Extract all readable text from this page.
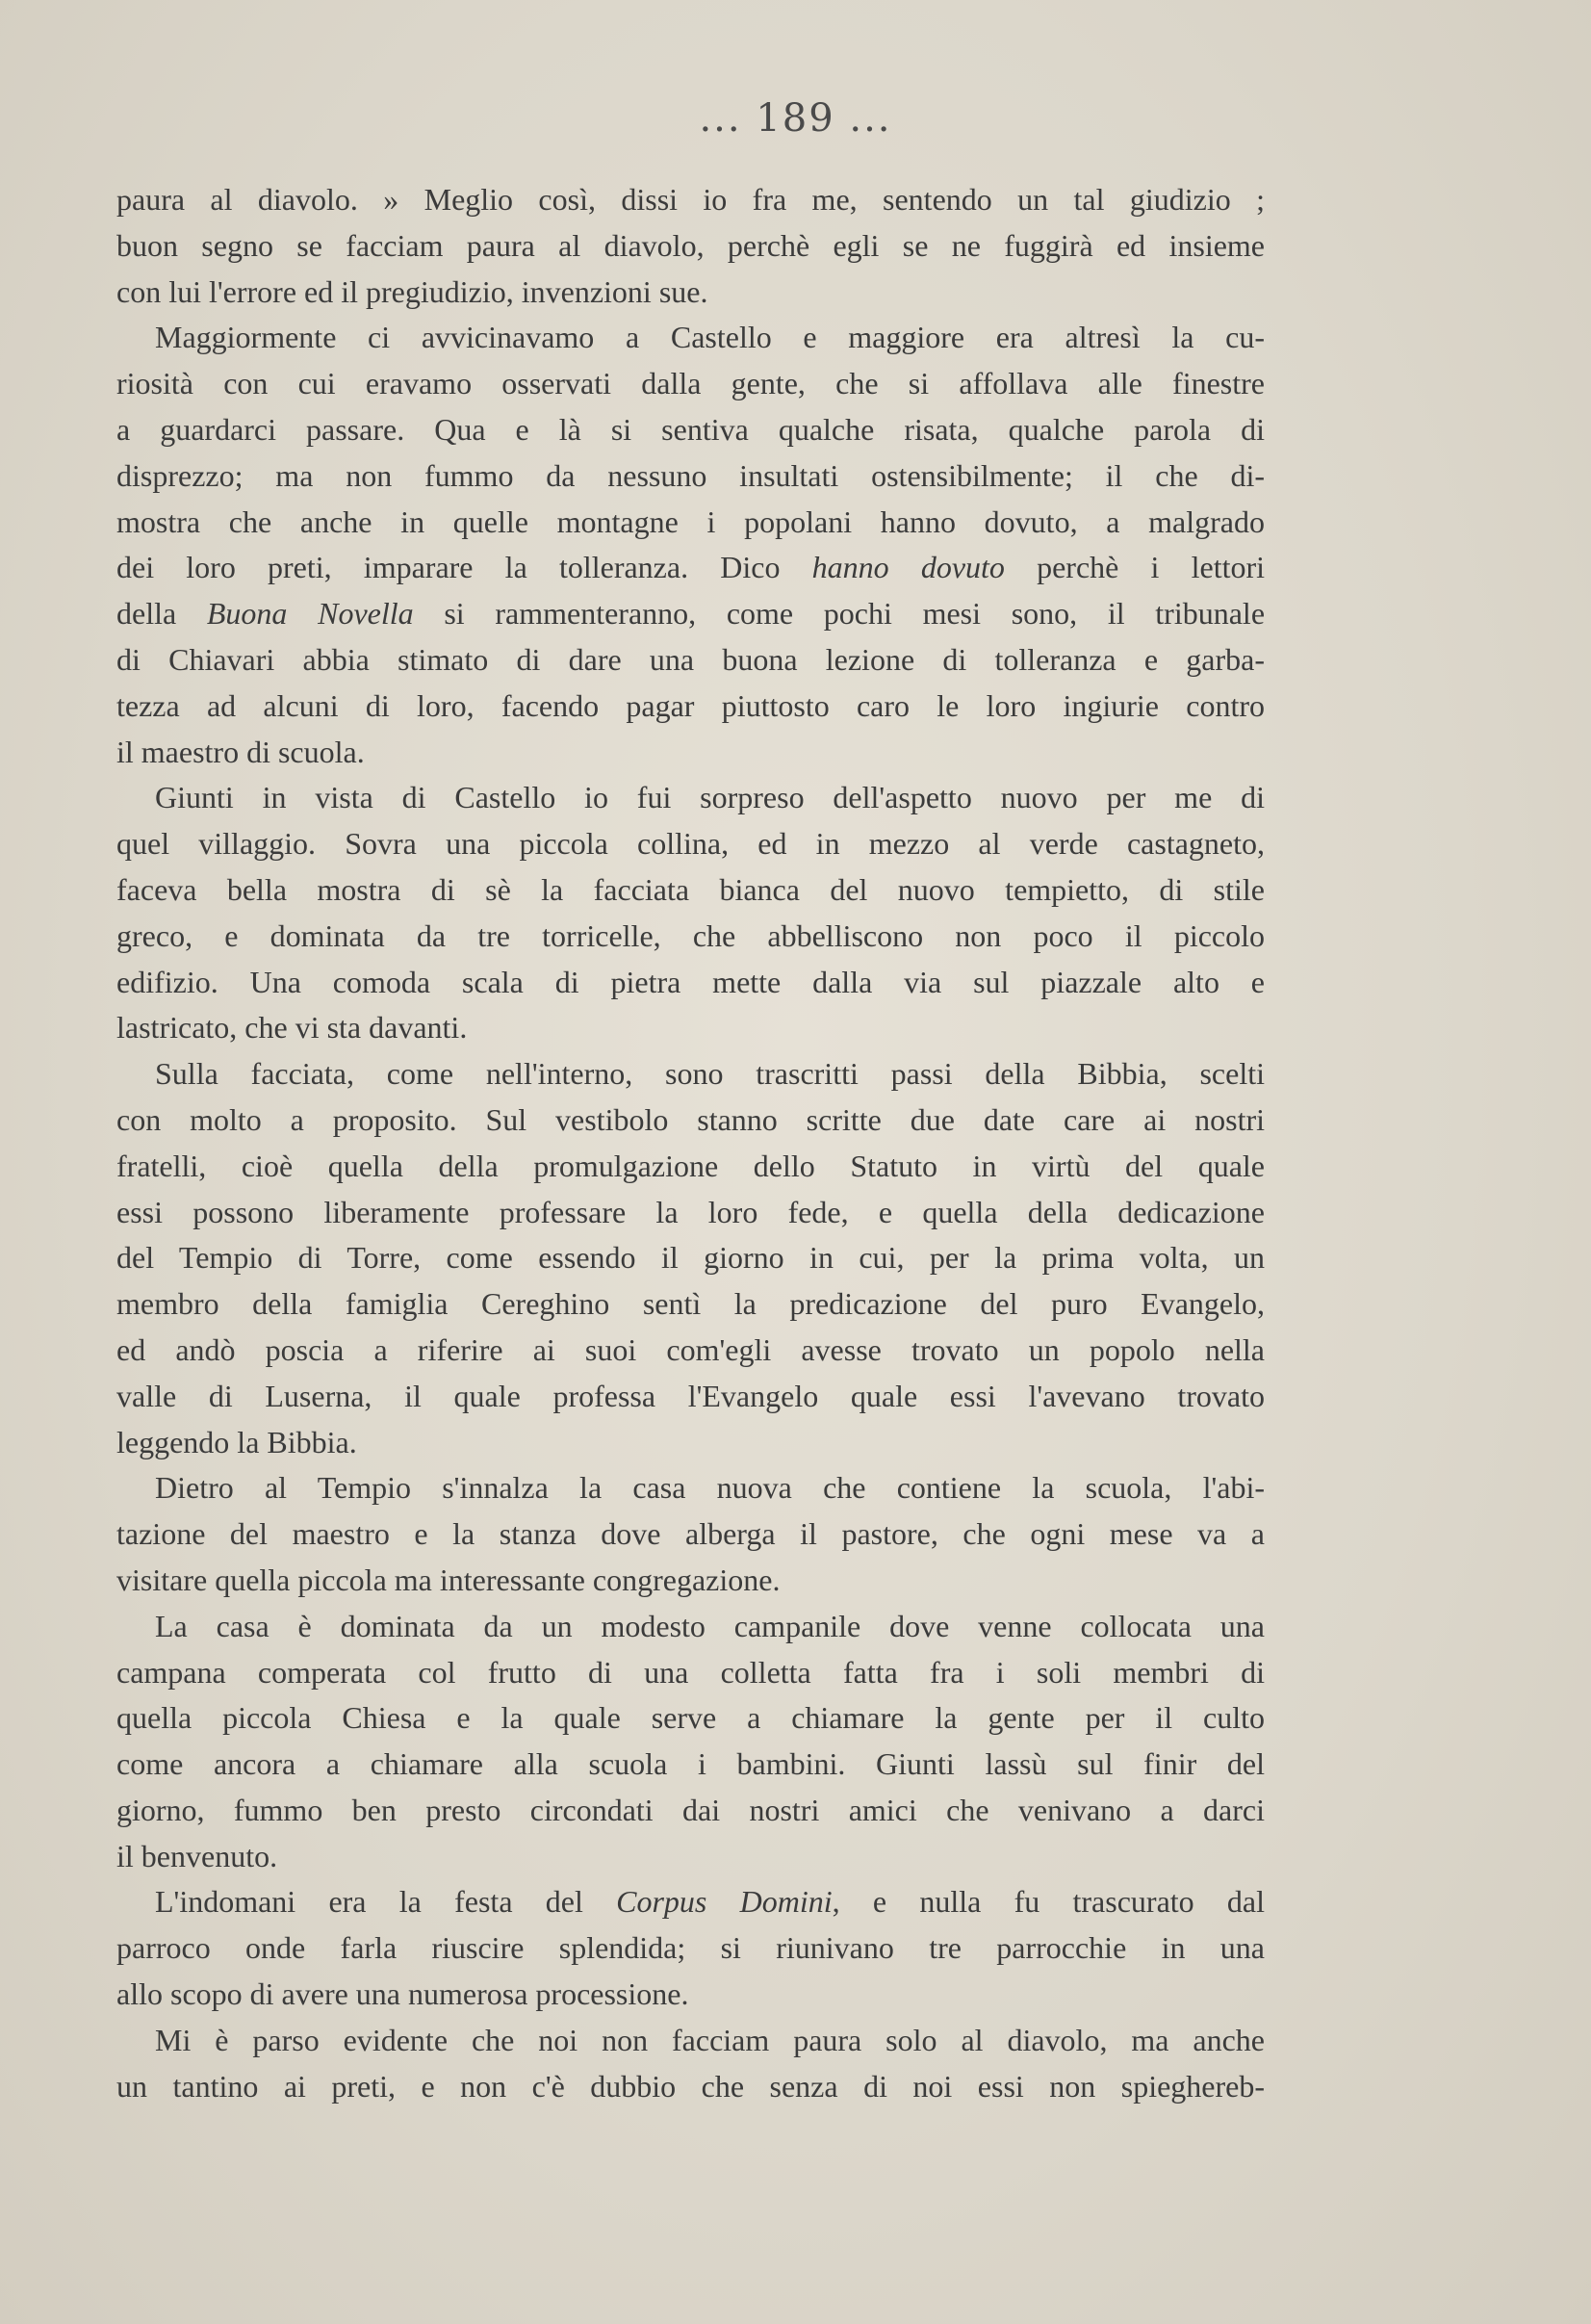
... 189 ...
paura al diavolo. » Meglio così, dissi io fra me, sentendo un tal giudizio ;
buon segno se facciam paura al diavolo, perchè egli se ne fuggirà ed insieme
con lui l'errore ed il pregiudizio, invenzioni sue.
Maggiormente ci avvicinavamo a Castello e maggiore era altresì la cu-
riosità con cui eravamo osservati dalla gente, che si affollava alle finestre
a guardarci passare. Qua e là si sentiva qualche risata, qualche parola di
disprezzo; ma non fummo da nessuno insultati ostensibilmente; il che di-
mostra che anche in quelle montagne i popolani hanno dovuto, a malgrado
dei loro preti, imparare la tolleranza. Dico hanno dovuto perchè i lettori
della Buona Novella si rammenteranno, come pochi mesi sono, il tribunale
di Chiavari abbia stimato di dare una buona lezione di tolleranza e garba-
tezza ad alcuni di loro, facendo pagar piuttosto caro le loro ingiurie contro
il maestro di scuola.
Giunti in vista di Castello io fui sorpreso dell'aspetto nuovo per me di
quel villaggio. Sovra una piccola collina, ed in mezzo al verde castagneto,
faceva bella mostra di sè la facciata bianca del nuovo tempietto, di stile
greco, e dominata da tre torricelle, che abbelliscono non poco il piccolo
edifizio. Una comoda scala di pietra mette dalla via sul piazzale alto e
lastricato, che vi sta davanti.
Sulla facciata, come nell'interno, sono trascritti passi della Bibbia, scelti
con molto a proposito. Sul vestibolo stanno scritte due date care ai nostri
fratelli, cioè quella della promulgazione dello Statuto in virtù del quale
essi possono liberamente professare la loro fede, e quella della dedicazione
del Tempio di Torre, come essendo il giorno in cui, per la prima volta, un
membro della famiglia Cereghino sentì la predicazione del puro Evangelo,
ed andò poscia a riferire ai suoi com'egli avesse trovato un popolo nella
valle di Luserna, il quale professa l'Evangelo quale essi l'avevano trovato
leggendo la Bibbia.
Dietro al Tempio s'innalza la casa nuova che contiene la scuola, l'abi-
tazione del maestro e la stanza dove alberga il pastore, che ogni mese va a
visitare quella piccola ma interessante congregazione.
La casa è dominata da un modesto campanile dove venne collocata una
campana comperata col frutto di una colletta fatta fra i soli membri di
quella piccola Chiesa e la quale serve a chiamare la gente per il culto
come ancora a chiamare alla scuola i bambini. Giunti lassù sul finir del
giorno, fummo ben presto circondati dai nostri amici che venivano a darci
il benvenuto.
L'indomani era la festa del Corpus Domini, e nulla fu trascurato dal
parroco onde farla riuscire splendida; si riunivano tre parrocchie in una
allo scopo di avere una numerosa processione.
Mi è parso evidente che noi non facciam paura solo al diavolo, ma anche
un tantino ai preti, e non c'è dubbio che senza di noi essi non spieghereb-
